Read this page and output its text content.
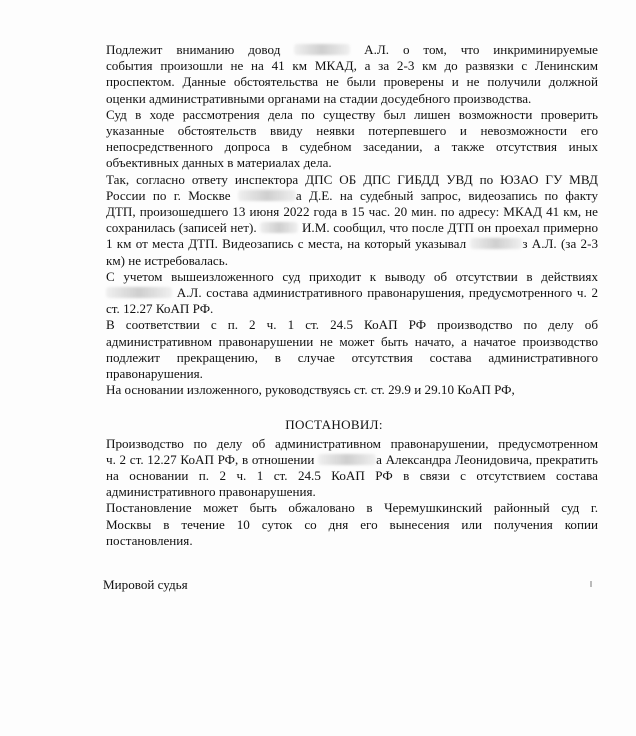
Подлежит вниманию довод	А.Л. о том, что инкриминируемые
события произошли не на 41 км МКАД, а за 2-3 км до развязки с Ленинским
проспектом. Данные обстоятельства не были проверены и не получили должной
оценки административными органами на стадии досудебного производства.

Суд в ходе рассмотрения дела по существу был лишен возможности проверить
указанные обстоятельств ввиду неявки потерпевшего и невозможности его
непосредственного допроса в судебном заседании, а также отсутствия иных
объективных данных в материалах дела.

Так, согласно ответу инспектора ДПС ОБ ДПС ГИБДД УВД по ЮЗАО ГУ МВД
России по г. Москве	а Д.Е. на судебный запрос, видеозапись по факту
ДТП, произошедшего 13 июня 2022 года в 15 час. 20 мин. по адресу: МКАД 41 км, не
сохранилась (записей нет).	И.М. сообщил, что после ДТП он проехал примерно
1 км от места ДТП. Видеозапись с места, на который указывал	з А.Л. (за 2-3
км) не истребовалась.

С учетом вышеизложенного суд приходит к выводу об отсутствии в действиях
А.Л. состава административного правонарушения, предусмотренного ч. 2
ст. 12.27 КоАП РФ.

В соответствии с п. 2 ч. 1 ст. 24.5 КоАП РФ производство по делу об
административном правонарушении не может быть начато, а начатое производство
подлежит прекращению, в случае отсутствия состава административного
правонарушения.

На основании изложенного, руководствуясь ст. ст. 29.9 и 29.10 КоАП РФ,

ПОСТАНОВИЛ:

Производство по делу об административном правонарушении, предусмотренном
ч. 2 ст. 12.27 КоАП РФ, в отношении	а Александра Леонидовича, прекратить
на основании п. 2 ч. 1 ст. 24.5 КоАП РФ в связи с отсутствием состава
административного правонарушения.

Постановление может быть обжаловано в Черемушкинский районный суд г.
Москвы в течение 10 суток со дня его вынесения или получения копии
постановления.

Мировой судья
